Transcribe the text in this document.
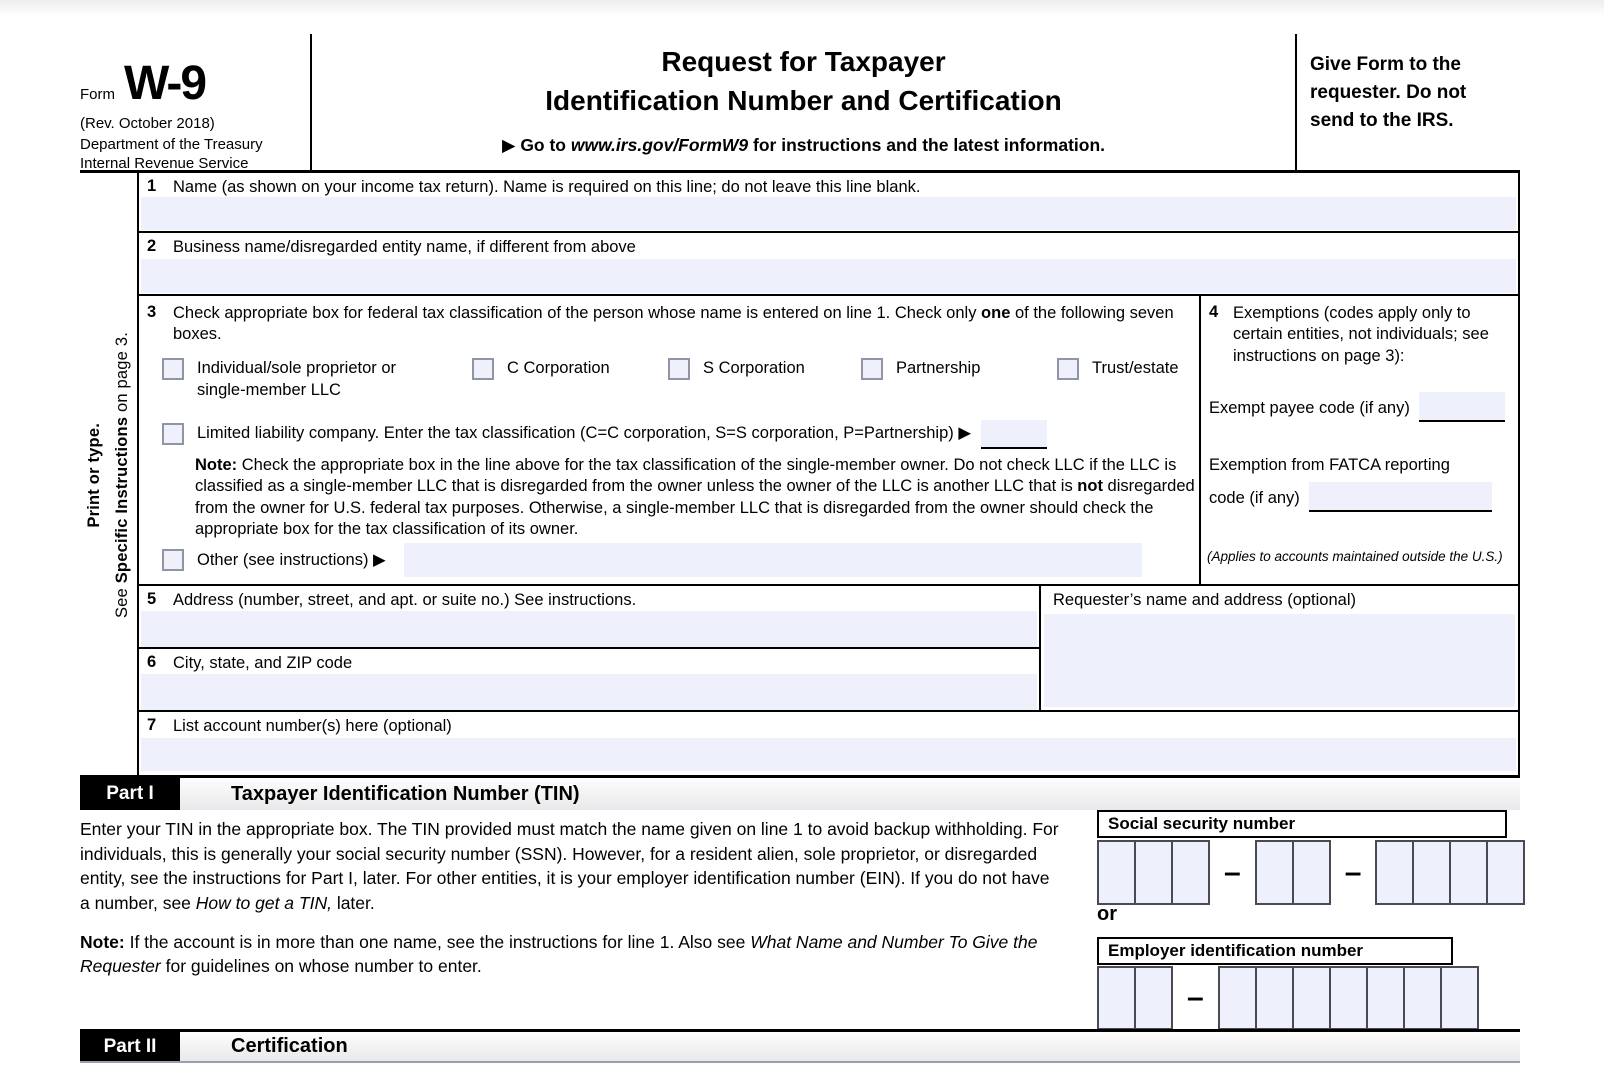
Form W-9
(Rev. October 2018)
Department of the Treasury
Internal Revenue Service
Request for Taxpayer
Identification Number and Certification
▶ Go to www.irs.gov/FormW9 for instructions and the latest information.
Give Form to the
requester. Do not
send to the IRS.
Print or type.
See Specific Instructions on page 3.
1 Name (as shown on your income tax return). Name is required on this line; do not leave this line blank.
2 Business name/disregarded entity name, if different from above
3 Check appropriate box for federal tax classification of the person whose name is entered on line 1. Check only one of the following seven boxes.
Individual/sole proprietor or single-member LLC
C Corporation	S Corporation	Partnership	Trust/estate
Limited liability company. Enter the tax classification (C=C corporation, S=S corporation, P=Partnership) ▶
Note: Check the appropriate box in the line above for the tax classification of the single-member owner. Do not check LLC if the LLC is classified as a single-member LLC that is disregarded from the owner unless the owner of the LLC is another LLC that is not disregarded from the owner for U.S. federal tax purposes. Otherwise, a single-member LLC that is disregarded from the owner should check the appropriate box for the tax classification of its owner.
Other (see instructions) ▶
4 Exemptions (codes apply only to certain entities, not individuals; see instructions on page 3):
Exempt payee code (if any)
Exemption from FATCA reporting
code (if any)
(Applies to accounts maintained outside the U.S.)
5 Address (number, street, and apt. or suite no.) See instructions.
6 City, state, and ZIP code
Requester’s name and address (optional)
7 List account number(s) here (optional)
Part I	Taxpayer Identification Number (TIN)
Enter your TIN in the appropriate box. The TIN provided must match the name given on line 1 to avoid backup withholding. For individuals, this is generally your social security number (SSN). However, for a resident alien, sole proprietor, or disregarded entity, see the instructions for Part I, later. For other entities, it is your employer identification number (EIN). If you do not have a number, see How to get a TIN, later.
Note: If the account is in more than one name, see the instructions for line 1. Also see What Name and Number To Give the Requester for guidelines on whose number to enter.
Social security number
–	–
or
Employer identification number
–
Part II	Certification
